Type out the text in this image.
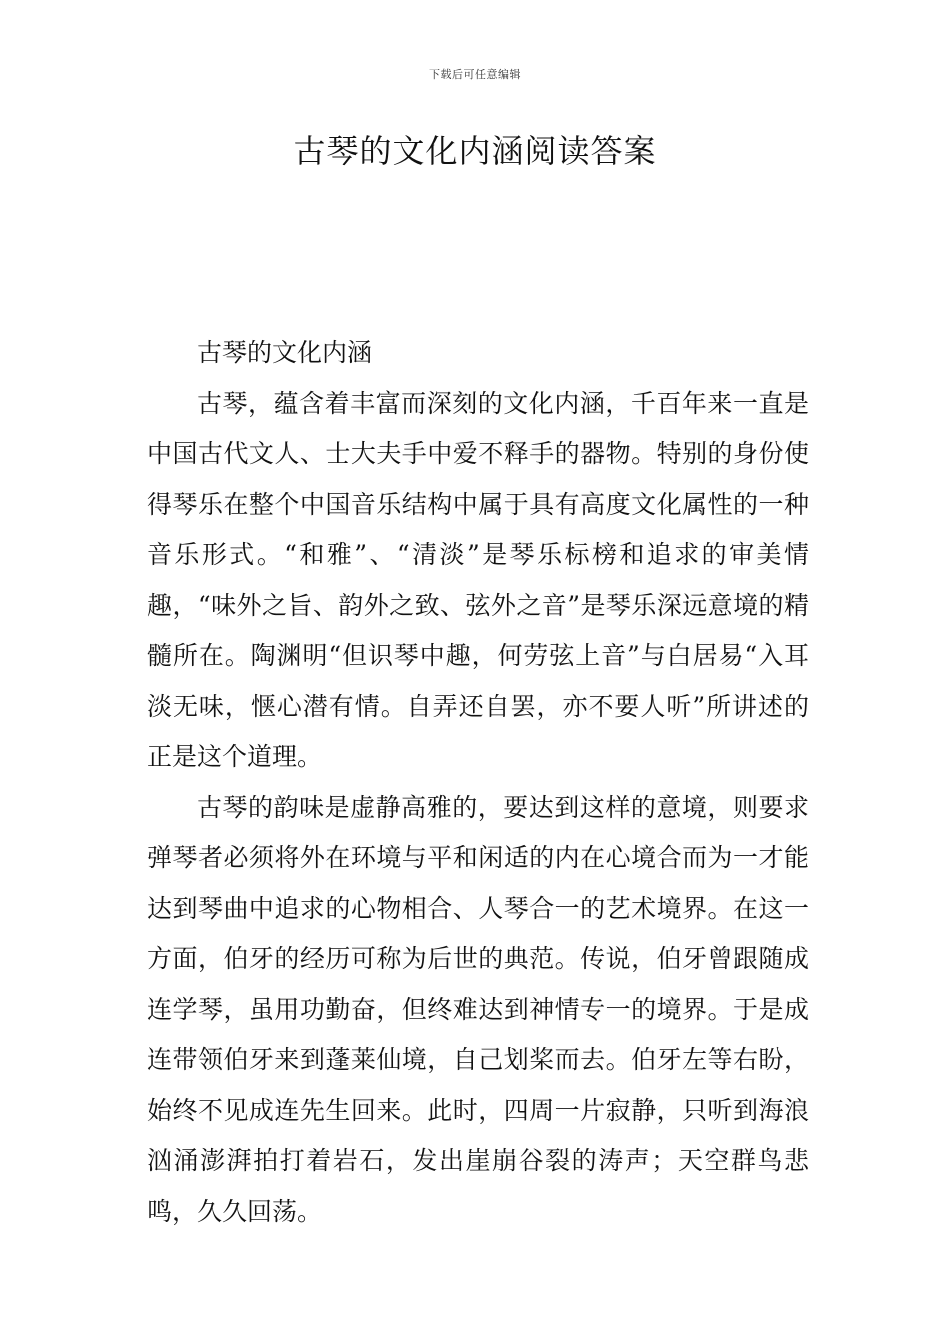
下载后可任意编辑
古琴的文化内涵阅读答案

古琴的文化内涵

古琴，蕴含着丰富而深刻的文化内涵，千百年来一直是中国古代文人、士大夫手中爱不释手的器物。特别的身份使得琴乐在整个中国音乐结构中属于具有高度文化属性的一种音乐形式。“和雅”、“清淡”是琴乐标榜和追求的审美情趣，“味外之旨、韵外之致、弦外之音”是琴乐深远意境的精髓所在。陶渊明“但识琴中趣，何劳弦上音”与白居易“入耳淡无味，惬心潜有情。自弄还自罢，亦不要人听”所讲述的正是这个道理。

古琴的韵味是虚静高雅的，要达到这样的意境，则要求弹琴者必须将外在环境与平和闲适的内在心境合而为一才能达到琴曲中追求的心物相合、人琴合一的艺术境界。在这一方面，伯牙的经历可称为后世的典范。传说，伯牙曾跟随成连学琴，虽用功勤奋，但终难达到神情专一的境界。于是成连带领伯牙来到蓬莱仙境，自己划桨而去。伯牙左等右盼，始终不见成连先生回来。此时，四周一片寂静，只听到海浪汹涌澎湃拍打着岩石，发出崖崩谷裂的涛声；天空群鸟悲鸣，久久回荡。
